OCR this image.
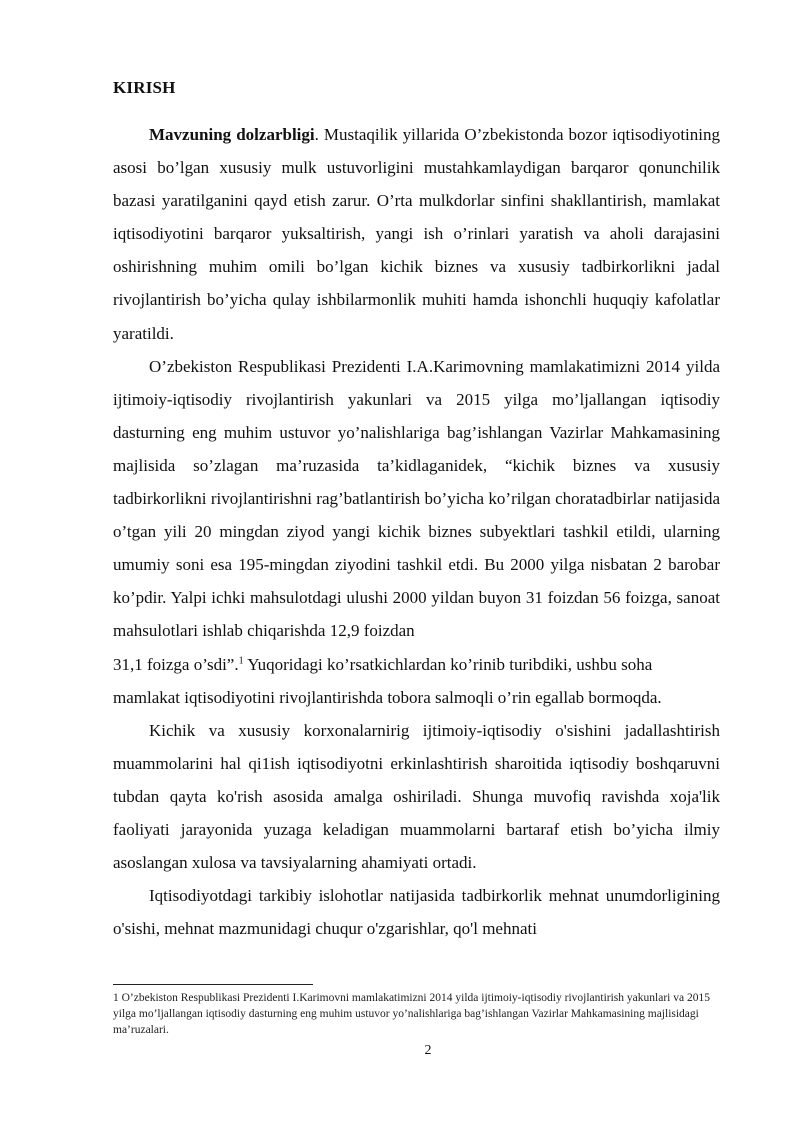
KIRISH

Mavzuning dolzarbligi. Mustaqilik yillarida O’zbekistonda bozor iqtisodiyotining asosi bo’lgan xususiy mulk ustuvorligini mustahkamlaydigan barqaror qonunchilik bazasi yaratilganini qayd etish zarur. O’rta mulkdorlar sinfini shakllantirish, mamlakat iqtisodiyotini barqaror yuksaltirish, yangi ish o’rinlari yaratish va aholi darajasini oshirishning muhim omili bo’lgan kichik biznes va xususiy tadbirkorlikni jadal rivojlantirish bo’yicha qulay ishbilarmonlik muhiti hamda ishonchli huquqiy kafolatlar yaratildi.

O’zbekiston Respublikasi Prezidenti I.A.Karimovning mamlakatimizni 2014 yilda ijtimoiy-iqtisodiy rivojlantirish yakunlari va 2015 yilga mo’ljallangan iqtisodiy dasturning eng muhim ustuvor yo’nalishlariga bag’ishlangan Vazirlar Mahkamasining majlisida so’zlagan ma’ruzasida ta’kidlaganidek, “kichik biznes va xususiy tadbirkorlikni rivojlantirishni rag’batlantirish bo’yicha ko’rilgan choratadbirlar natijasida o’tgan yili 20 mingdan ziyod yangi kichik biznes subyektlari tashkil etildi, ularning umumiy soni esa 195-mingdan ziyodini tashkil etdi. Bu 2000 yilga nisbatan 2 barobar ko’pdir. Yalpi ichki mahsulotdagi ulushi 2000 yildan buyon 31 foizdan 56 foizga, sanoat mahsulotlari ishlab chiqarishda 12,9 foizdan

31,1 foizga o’sdi”.$^1$ Yuqoridagi ko’rsatkichlardan ko’rinib turibdiki, ushbu soha mamlakat iqtisodiyotini rivojlantirishda tobora salmoqli o’rin egallab bormoqda.

Kichik va xususiy korxonalarnirig ijtimoiy-iqtisodiy o'sishini jadallashtirish muammolarini hal qi1ish iqtisodiyotni erkinlashtirish sharoitida iqtisodiy boshqaruvni tubdan qayta ko'rish asosida amalga oshiriladi. Shunga muvofiq ravishda xoja'lik faoliyati jarayonida yuzaga keladigan muammolarni bartaraf etish bo’yicha ilmiy asoslangan xulosa va tavsiyalarning ahamiyati ortadi.

Iqtisodiyotdagi tarkibiy islohotlar natijasida tadbirkorlik mehnat unumdorligining o'sishi, mehnat mazmunidagi chuqur o'zgarishlar, qo'l mehnati

1 O’zbekiston Respublikasi Prezidenti I.Karimovni mamlakatimizni 2014 yilda ijtimoiy-iqtisodiy rivojlantirish yakunlari va 2015 yilga mo’ljallangan iqtisodiy dasturning eng muhim ustuvor yo’nalishlariga bag’ishlangan Vazirlar Mahkamasining majlisidagi ma’ruzalari.
2
